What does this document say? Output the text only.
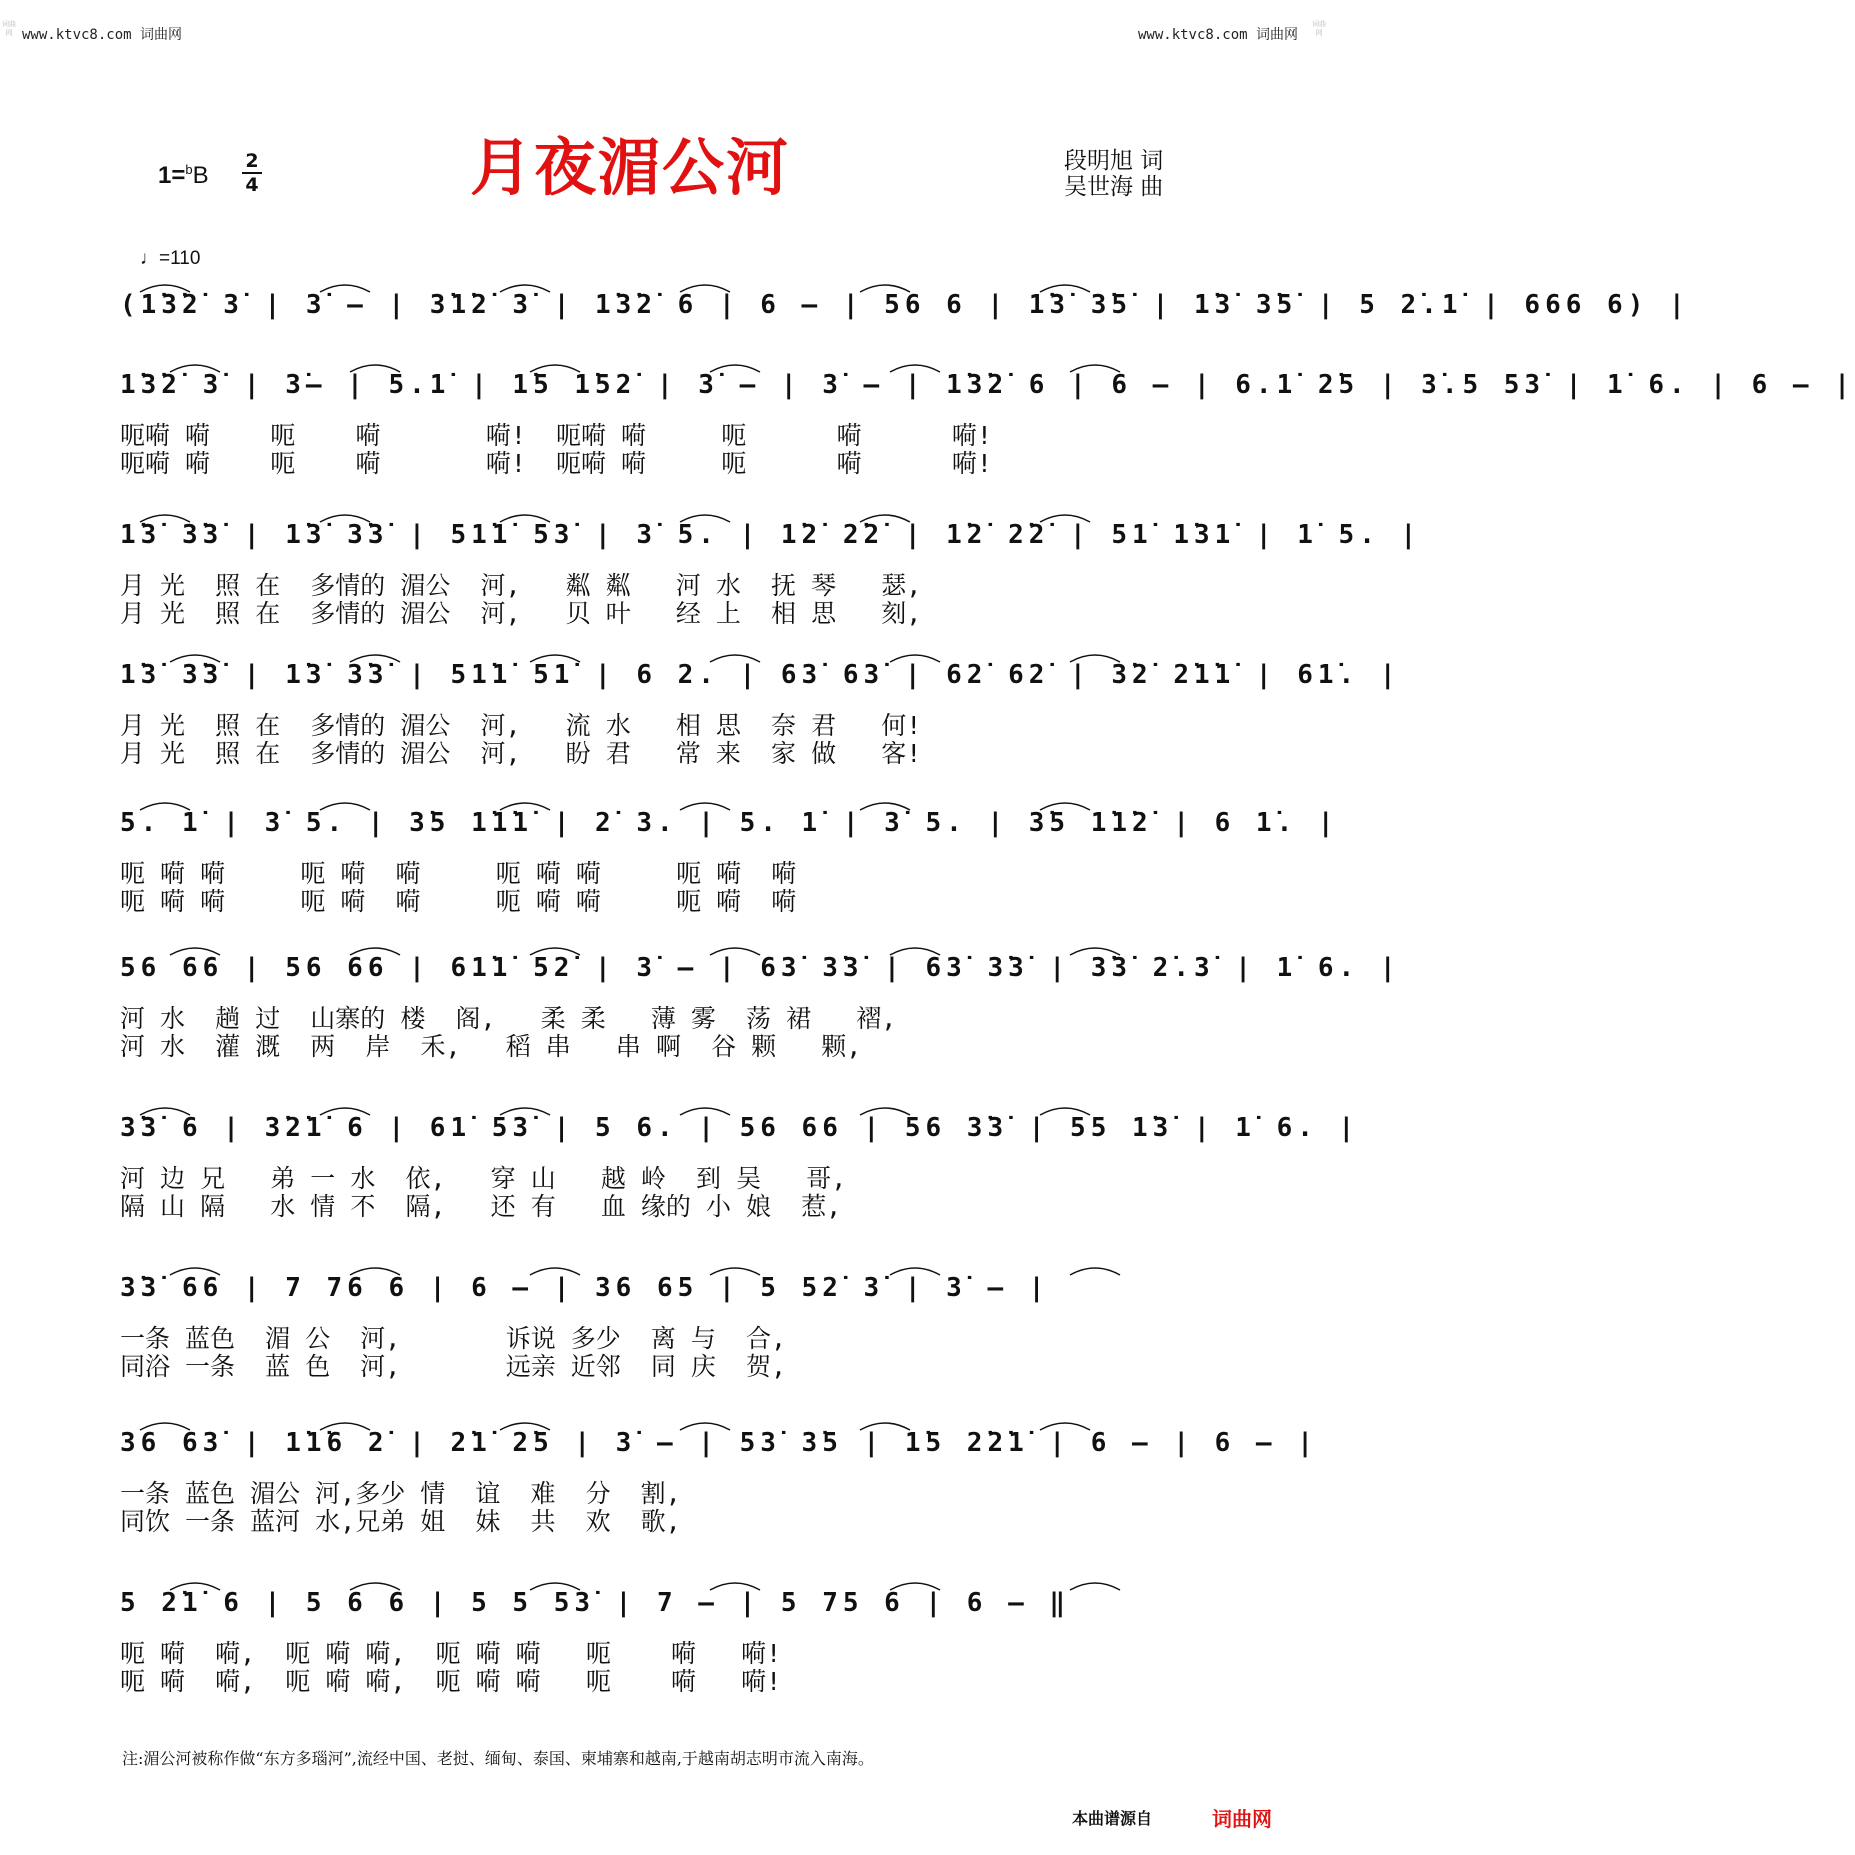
词曲网
词曲网
www.ktvc8.com 词曲网	www.ktvc8.com 词曲网
1=$^b$B
2
4	月夜湄公河	段明旭 词
吴世海 曲
♩=110
(1̇3̇2̇ 3̇ | 3̇ – | 3̇1̇2̇ 3̇ | 1̇3̇2̇ 6 | 6 – | 56 6 | 1̇3̇ 3̇5̇ | 1̇3̇ 3̇5̇ | 5 2̇.1̇ | 666 6) |
1̇3̇2̇ 3̇ | 3̇– | 5.1̇ | 1̇5 1̇52̇ | 3̇ – | 3̇ – | 1̇3̇2̇ 6 | 6 – | 6.1̇ 2̇5 | 3̇.5 53̇ | 1̇ 6. | 6 – |
呃嗬 嗬    呃    嗬       嗬!  呃嗬 嗬     呃      嗬      嗬!
呃嗬 嗬    呃    嗬       嗬!  呃嗬 嗬     呃      嗬      嗬!
1̇3̇ 3̇3̇ | 1̇3̇ 3̇3̇ | 51̇1̇ 53̇ | 3̇ 5. | 1̇2̇ 2̇2̇ | 1̇2̇ 2̇2̇ | 51̇ 1̇31̇ | 1̇ 5. |
月 光  照 在  多情的 湄公  河,   粼 粼   河 水  抚 琴   瑟,
月 光  照 在  多情的 湄公  河,   贝 叶   经 上  相 思   刻,
1̇3̇ 3̇3̇ | 1̇3̇ 3̇3̇ | 51̇1̇ 51̇ | 6 2. | 63̇ 63̇ | 62̇ 62̇ | 3̇2̇ 2̇1̇1̇ | 61̇. |
月 光  照 在  多情的 湄公  河,   流 水   相 思  奈 君   何!
月 光  照 在  多情的 湄公  河,   盼 君   常 来  家 做   客!
5. 1̇ | 3̇ 5. | 3̇5 1̇1̇1̇ | 2̇ 3. | 5. 1̇ | 3̇ 5. | 3̇5 1̇1̇2̇ | 6 1̇. |
呃 嗬 嗬     呃 嗬  嗬     呃 嗬 嗬     呃 嗬  嗬
呃 嗬 嗬     呃 嗬  嗬     呃 嗬 嗬     呃 嗬  嗬
56 66 | 56 66 | 61̇1̇ 52̇ | 3̇ – | 63̇ 3̇3̇ | 63̇ 3̇3̇ | 3̇3̇ 2̇.3̇ | 1̇ 6. |
河 水  趟 过  山寨的 楼  阁,   柔 柔   薄 雾  荡 裙   褶,
河 水  灌 溉  两  岸  禾,   稻 串   串 啊  谷 颗   颗,
3̇3̇ 6 | 3̇2̇1̇ 6 | 61̇ 53̇ | 5 6. | 56 66 | 56 3̇3̇ | 55 1̇3̇ | 1̇ 6. |
河 边 兄   弟 一 水  依,   穿 山   越 岭  到 吴   哥,
隔 山 隔   水 情 不  隔,   还 有   血 缘的 小 娘  惹,
3̇3̇ 66 | 7 76 6 | 6 – | 36 65 | 5 52̇ 3̇ | 3̇ – |
一条 蓝色  湄 公  河,       诉说 多少  离 与  合,
同浴 一条  蓝 色  河,       远亲 近邻  同 庆  贺,
36 63̇ | 1̇1̇6 2̇ | 2̇1̇ 2̇5 | 3̇ – | 53̇ 3̇5 | 1̇5 2̇2̇1̇ | 6 – | 6 – |
一条 蓝色 湄公 河,多少 情  谊  难  分  割,
同饮 一条 蓝河 水,兄弟 姐  妹  共  欢  歌,
5 2̇1̇ 6 | 5 6 6 | 5 5 53̇ | 7 – | 5 75 6 | 6 – ‖
呃 嗬  嗬,  呃 嗬 嗬,  呃 嗬 嗬   呃    嗬   嗬!
呃 嗬  嗬,  呃 嗬 嗬,  呃 嗬 嗬   呃    嗬   嗬!
注:湄公河被称作做“东方多瑙河”,流经中国、老挝、缅甸、泰国、柬埔寨和越南,于越南胡志明市流入南海。
本曲谱源自	词曲网
